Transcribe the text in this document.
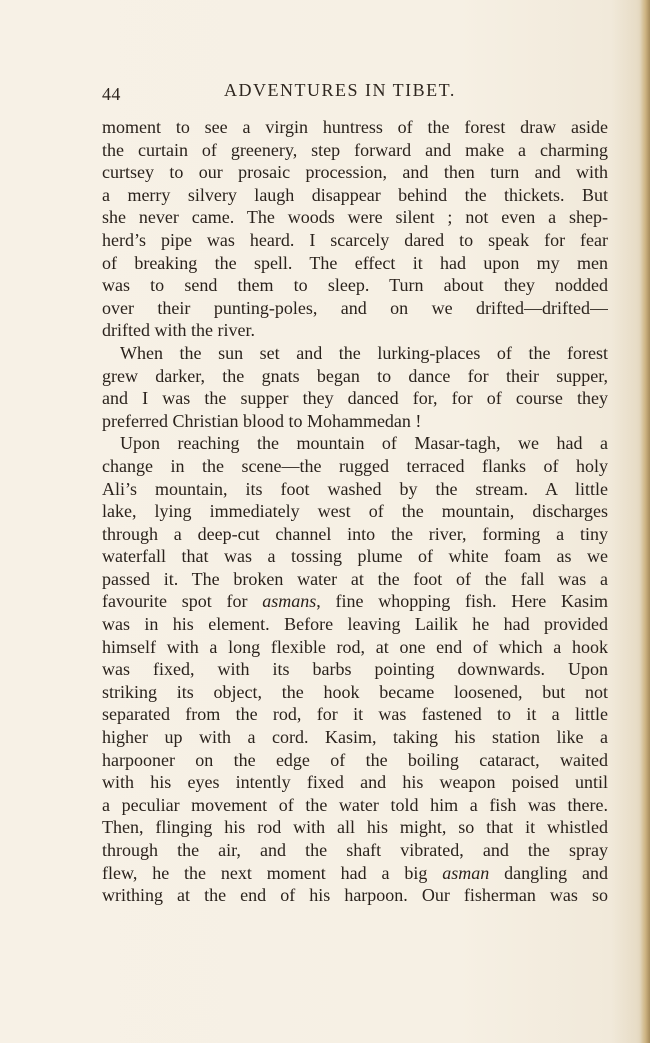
44	ADVENTURES IN TIBET.
moment to see a virgin huntress of the forest draw aside
the curtain of greenery, step forward and make a charming
curtsey to our prosaic procession, and then turn and with
a merry silvery laugh disappear behind the thickets. But
she never came. The woods were silent ; not even a shep-
herd’s pipe was heard. I scarcely dared to speak for fear
of breaking the spell. The effect it had upon my men
was to send them to sleep. Turn about they nodded
over their punting-poles, and on we drifted—drifted—
drifted with the river.
When the sun set and the lurking-places of the forest
grew darker, the gnats began to dance for their supper,
and I was the supper they danced for, for of course they
preferred Christian blood to Mohammedan !
Upon reaching the mountain of Masar-tagh, we had a
change in the scene—the rugged terraced flanks of holy
Ali’s mountain, its foot washed by the stream. A little
lake, lying immediately west of the mountain, discharges
through a deep-cut channel into the river, forming a tiny
waterfall that was a tossing plume of white foam as we
passed it. The broken water at the foot of the fall was a
favourite spot for asmans, fine whopping fish. Here Kasim
was in his element. Before leaving Lailik he had provided
himself with a long flexible rod, at one end of which a hook
was fixed, with its barbs pointing downwards. Upon
striking its object, the hook became loosened, but not
separated from the rod, for it was fastened to it a little
higher up with a cord. Kasim, taking his station like a
harpooner on the edge of the boiling cataract, waited
with his eyes intently fixed and his weapon poised until
a peculiar movement of the water told him a fish was there.
Then, flinging his rod with all his might, so that it whistled
through the air, and the shaft vibrated, and the spray
flew, he the next moment had a big asman dangling and
writhing at the end of his harpoon. Our fisherman was so
